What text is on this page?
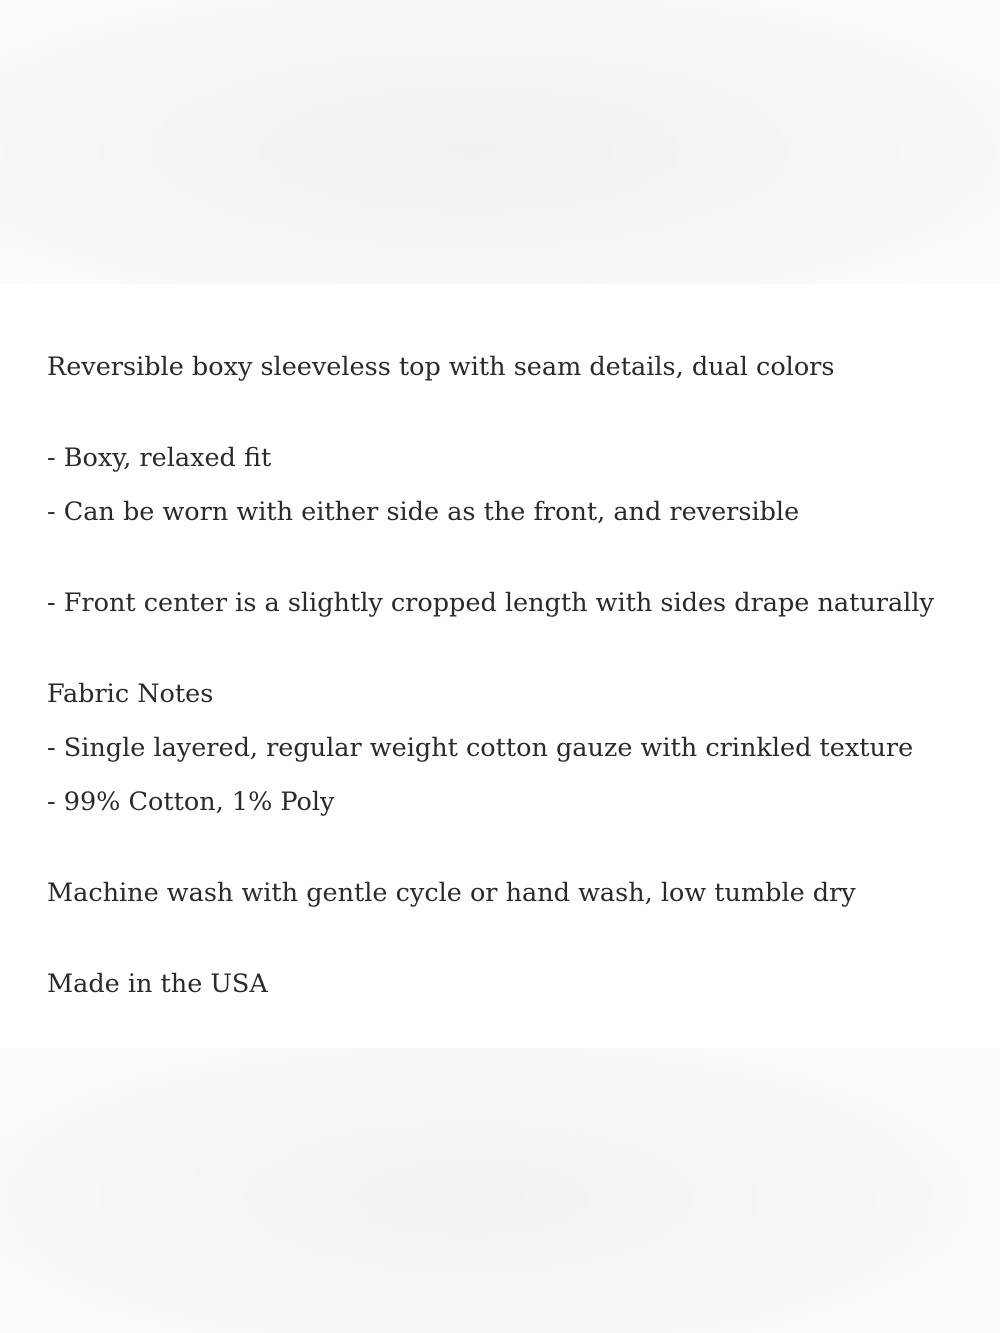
Reversible boxy sleeveless top with seam details, dual colors

- Boxy, relaxed fit

- Can be worn with either side as the front, and reversible

- Front center is a slightly cropped length with sides drape naturally

Fabric Notes

- Single layered, regular weight cotton gauze with crinkled texture

- 99% Cotton, 1% Poly

Machine wash with gentle cycle or hand wash, low tumble dry

Made in the USA
